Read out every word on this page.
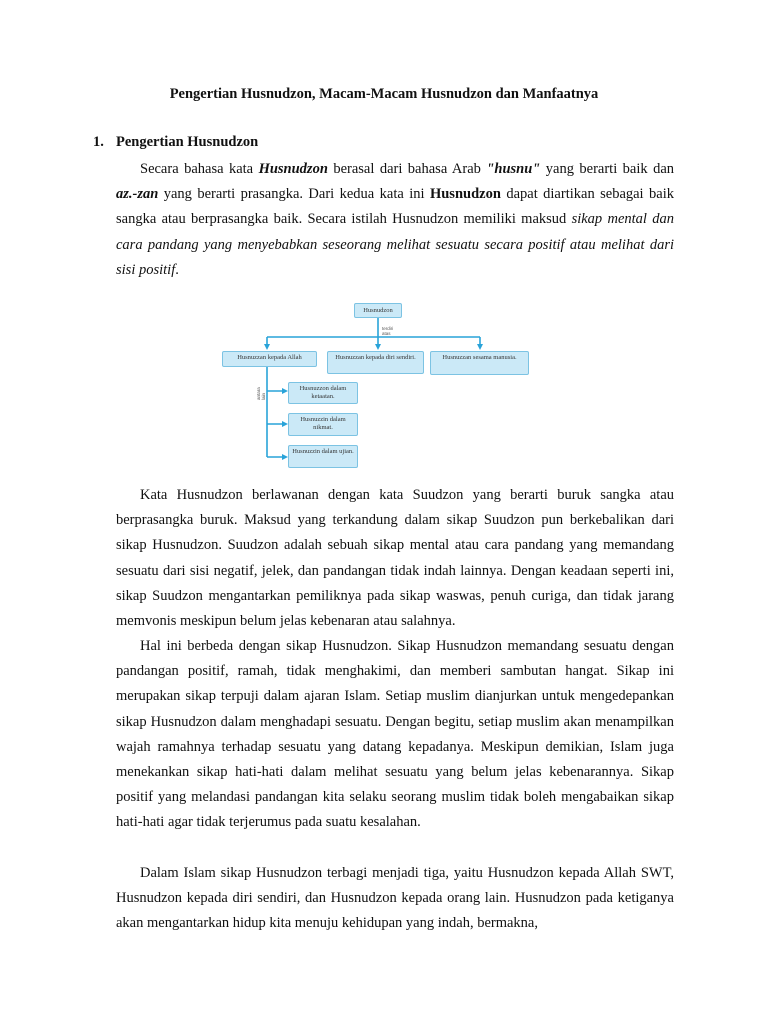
Pengertian Husnudzon, Macam-Macam Husnudzon dan Manfaatnya
1. Pengertian Husnudzon

Secara bahasa kata Husnudzon berasal dari bahasa Arab "husnu" yang berarti baik dan az.-zan yang berarti prasangka. Dari kedua kata ini Husnudzon dapat diartikan sebagai baik sangka atau berprasangka baik. Secara istilah Husnudzon memiliki maksud sikap mental dan cara pandang yang menyebabkan seseorang melihat sesuatu secara positif atau melihat dari sisi positif.

Husnudzon
terdiri atas
Husnuzzan kepada Allah	Husnuzzan kepada diri sendiri.	Husnuzzan sesama manusia.
antara lain
Husnuzzon dalam ketaatan.
Husnuzzin dalam nikmat.
Husnuzzin dalam ujian.

Kata Husnudzon berlawanan dengan kata Suudzon yang berarti buruk sangka atau berprasangka buruk. Maksud yang terkandung dalam sikap Suudzon pun berkebalikan dari sikap Husnudzon. Suudzon adalah sebuah sikap mental atau cara pandang yang memandang sesuatu dari sisi negatif, jelek, dan pandangan tidak indah lainnya. Dengan keadaan seperti ini, sikap Suudzon mengantarkan pemiliknya pada sikap waswas, penuh curiga, dan tidak jarang memvonis meskipun belum jelas kebenaran atau salahnya.

Hal ini berbeda dengan sikap Husnudzon. Sikap Husnudzon memandang sesuatu dengan pandangan positif, ramah, tidak menghakimi, dan memberi sambutan hangat. Sikap ini merupakan sikap terpuji dalam ajaran Islam. Setiap muslim dianjurkan untuk mengedepankan sikap Husnudzon dalam menghadapi sesuatu. Dengan begitu, setiap muslim akan menampilkan wajah ramahnya terhadap sesuatu yang datang kepadanya. Meskipun demikian, Islam juga menekankan sikap hati-hati dalam melihat sesuatu yang belum jelas kebenarannya. Sikap positif yang melandasi pandangan kita selaku seorang muslim tidak boleh mengabaikan sikap hati-hati agar tidak terjerumus pada suatu kesalahan.

Dalam Islam sikap Husnudzon terbagi menjadi tiga, yaitu Husnudzon kepada Allah SWT, Husnudzon kepada diri sendiri, dan Husnudzon kepada orang lain. Husnudzon pada ketiganya akan mengantarkan hidup kita menuju kehidupan yang indah, bermakna,
